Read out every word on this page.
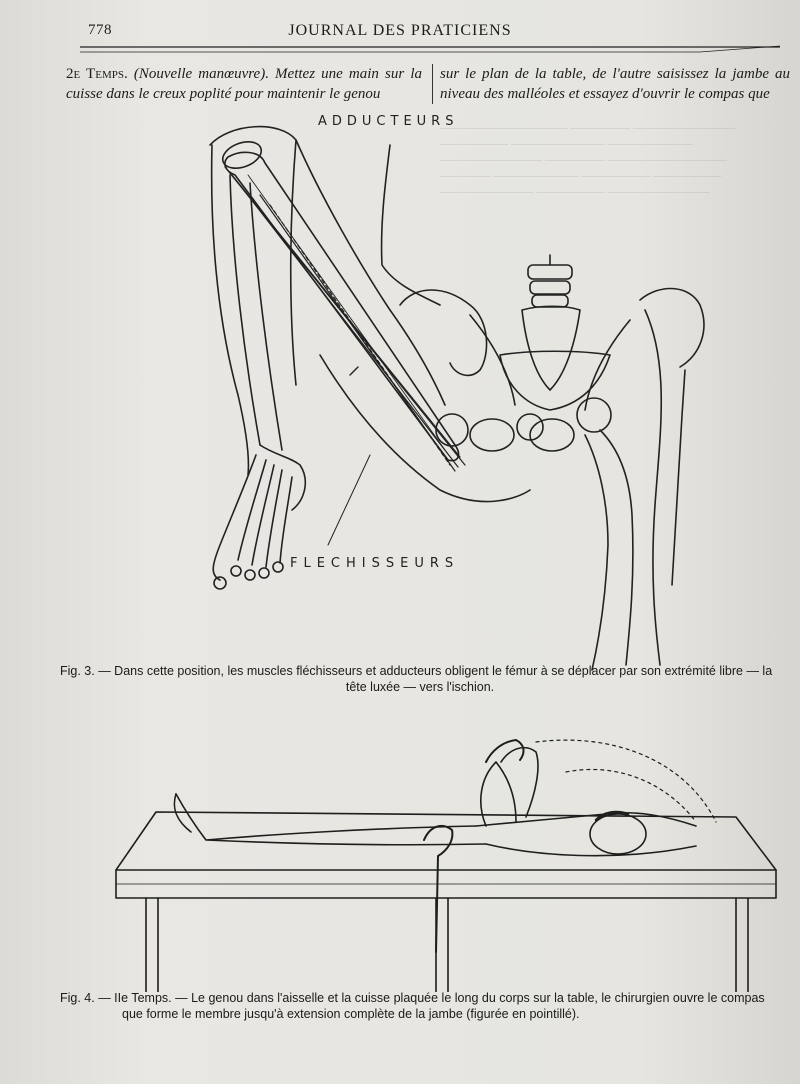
─────────────── ─────── ────────────
──────── ─────────── ──────────
──────────── ─────── ──────────────
────── ────────── ──────── ────────
─────────── ──────── ────────────
778	JOURNAL DES PRATICIENS
2e Temps. (Nouvelle manœuvre). Mettez une main sur la cuisse dans le creux poplité pour maintenir le genou
sur le plan de la table, de l'autre saisissez la jambe au niveau des malléoles et essayez d'ouvrir le compas que
ADDUCTEURS
FLECHISSEURS
Fig. 3. — Dans cette position, les muscles fléchisseurs et adducteurs obligent le fémur à se déplacer par son extrémité libre — la
tête luxée — vers l'ischion.
Fig. 4. — IIe Temps. — Le genou dans l'aisselle et la cuisse plaquée le long du corps sur la table, le chirurgien ouvre le compas
que forme le membre jusqu'à extension complète de la jambe (figurée en pointillé).
